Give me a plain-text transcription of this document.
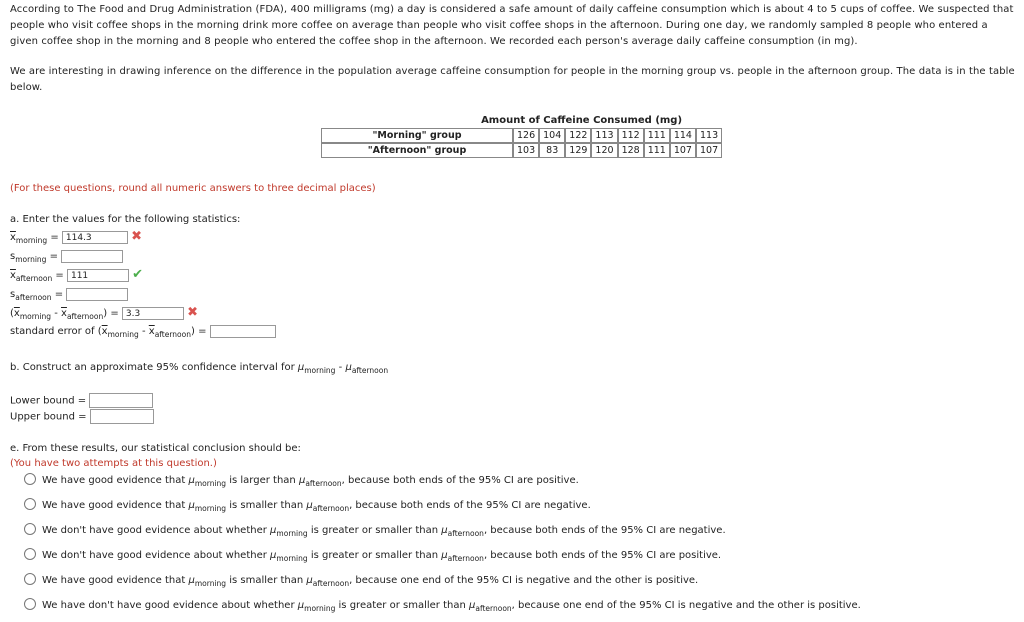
According to The Food and Drug Administration (FDA), 400 milligrams (mg) a day is considered a safe amount of daily caffeine consumption which is about 4 to 5 cups of coffee. We suspected that people who visit coffee shops in the morning drink more coffee on average than people who visit coffee shops in the afternoon. During one day, we randomly sampled 8 people who entered a given coffee shop in the morning and 8 people who entered the coffee shop in the afternoon. We recorded each person's average daily caffeine consumption (in mg).
We are interesting in drawing inference on the difference in the population average caffeine consumption for people in the morning group vs. people in the afternoon group. The data is in the table below.
Amount of Caffeine Consumed (mg)
"Morning" group	126	104	122	113	112	111	114	113
"Afternoon" group	103	83	129	120	128	111	107	107
(For these questions, round all numeric answers to three decimal places)
a. Enter the values for the following statistics:
$\overline{x}_{morning} = 114.3$	✖
$s_{morning}$ =
$\overline{x}_{afternoon} = 111$	✔
$s_{afternoon}$ =
$(\overline{x}_{morning} - \overline{x}_{afternoon}) = 3.3$	✖
standard error of $(\overline{x}_{morning} - \overline{x}_{afternoon})$ =
b. Construct an approximate 95% confidence interval for $\mu_{morning} - \mu_{afternoon}$
Lower bound =
Upper bound =
e. From these results, our statistical conclusion should be:
(You have two attempts at this question.)
We have good evidence that $\mu_{morning}$ is larger than $\mu_{afternoon}$, because both ends of the 95% CI are positive.
We have good evidence that $\mu_{morning}$ is smaller than $\mu_{afternoon}$, because both ends of the 95% CI are negative.
We don't have good evidence about whether $\mu_{morning}$ is greater or smaller than $\mu_{afternoon}$, because both ends of the 95% CI are negative.
We don't have good evidence about whether $\mu_{morning}$ is greater or smaller than $\mu_{afternoon}$, because both ends of the 95% CI are positive.
We have good evidence that $\mu_{morning}$ is smaller than $\mu_{afternoon}$, because one end of the 95% CI is negative and the other is positive.
We have don't have good evidence about whether $\mu_{morning}$ is greater or smaller than $\mu_{afternoon}$, because one end of the 95% CI is negative and the other is positive.
